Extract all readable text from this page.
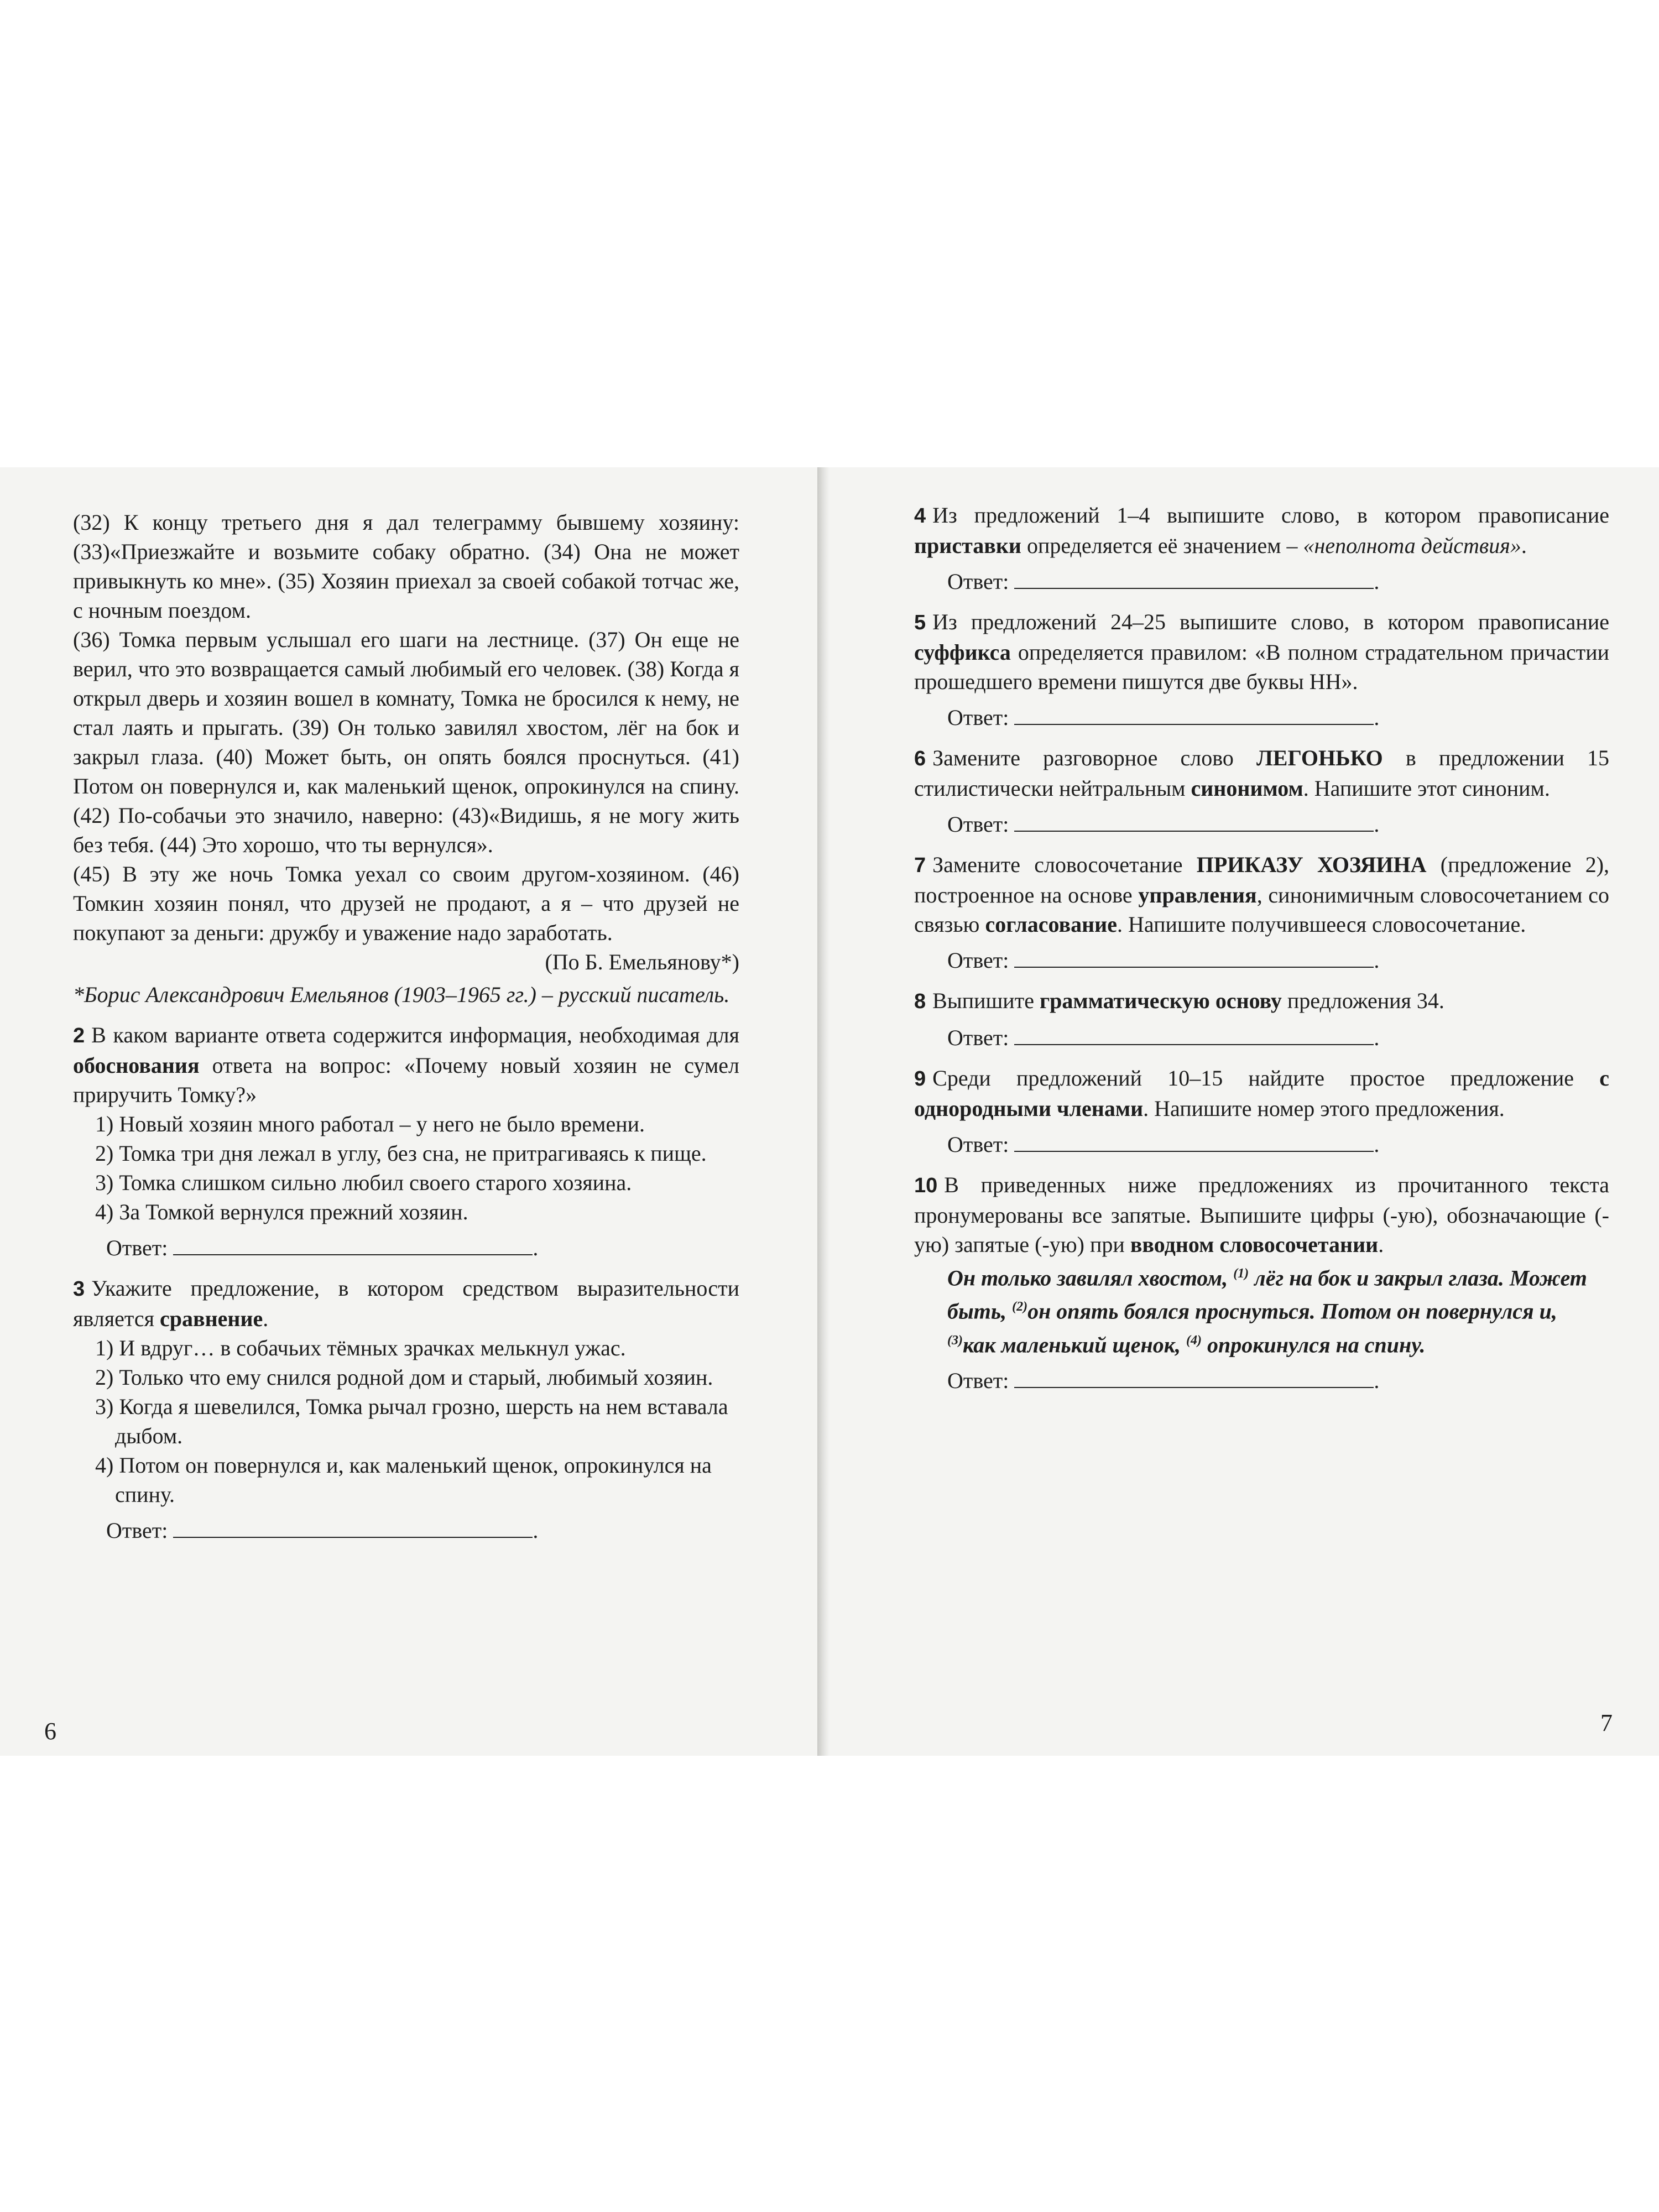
(32) К концу третьего дня я дал телеграмму бывшему хозяину: (33)«Приезжайте и возьмите собаку обратно. (34) Она не может привыкнуть ко мне». (35) Хозяин приехал за своей собакой тотчас же, с ночным поездом.

(36) Томка первым услышал его шаги на лестнице. (37) Он еще не верил, что это возвращается самый любимый его человек. (38) Когда я открыл дверь и хозяин вошел в комнату, Томка не бросился к нему, не стал лаять и прыгать. (39) Он только завилял хвостом, лёг на бок и закрыл глаза. (40) Может быть, он опять боялся проснуться. (41) Потом он повернулся и, как маленький щенок, опрокинулся на спину. (42) По-собачьи это значило, наверно: (43)«Видишь, я не могу жить без тебя. (44) Это хорошо, что ты вернулся».

(45) В эту же ночь Томка уехал со своим другом-хозяином. (46) Томкин хозяин понял, что друзей не продают, а я – что друзей не покупают за деньги: дружбу и уважение надо заработать.

(По Б. Емельянову*)

*Борис Александрович Емельянов (1903–1965 гг.) – русский писатель.

2 В каком варианте ответа содержится информация, необходимая для обоснования ответа на вопрос: «Почему новый хозяин не сумел приручить Томку?»

1) Новый хозяин много работал – у него не было времени.

2) Томка три дня лежал в углу, без сна, не притрагиваясь к пище.

3) Томка слишком сильно любил своего старого хозяина.

4) За Томкой вернулся прежний хозяин.

Ответ:	.

3 Укажите предложение, в котором средством выразительности является сравнение.

1) И вдруг… в собачьих тёмных зрачках мелькнул ужас.

2) Только что ему снился родной дом и старый, любимый хозяин.

3) Когда я шевелился, Томка рычал грозно, шерсть на нем вставала дыбом.

4) Потом он повернулся и, как маленький щенок, опрокинулся на спину.

Ответ:	.

6

4 Из предложений 1–4 выпишите слово, в котором правописание приставки определяется её значением – «неполнота действия».

Ответ:	.

5 Из предложений 24–25 выпишите слово, в котором правописание суффикса определяется правилом: «В полном страдательном причастии прошедшего времени пишутся две буквы НН».

Ответ:	.

6 Замените разговорное слово ЛЕГОНЬКО в предложении 15 стилистически нейтральным синонимом. Напишите этот синоним.

Ответ:	.

7 Замените словосочетание ПРИКАЗУ ХОЗЯИНА (предложение 2), построенное на основе управления, синонимичным словосочетанием со связью согласование. Напишите получившееся словосочетание.

Ответ:	.

8 Выпишите грамматическую основу предложения 34.

Ответ:	.

9 Среди предложений 10–15 найдите простое предложение с однородными членами. Напишите номер этого предложения.

Ответ:	.

10 В приведенных ниже предложениях из прочитанного текста пронумерованы все запятые. Выпишите цифры (-ую), обозначающие (-ую) запятые (-ую) при вводном словосочетании.

Он только завилял хвостом, $^{(1)}$ лёг на бок и закрыл глаза. Может быть, $^{(2)}$он опять боялся проснуться. Потом он повернулся и, $^{(3)}$как маленький щенок, $^{(4)}$ опрокинулся на спину.

Ответ:	.

7
